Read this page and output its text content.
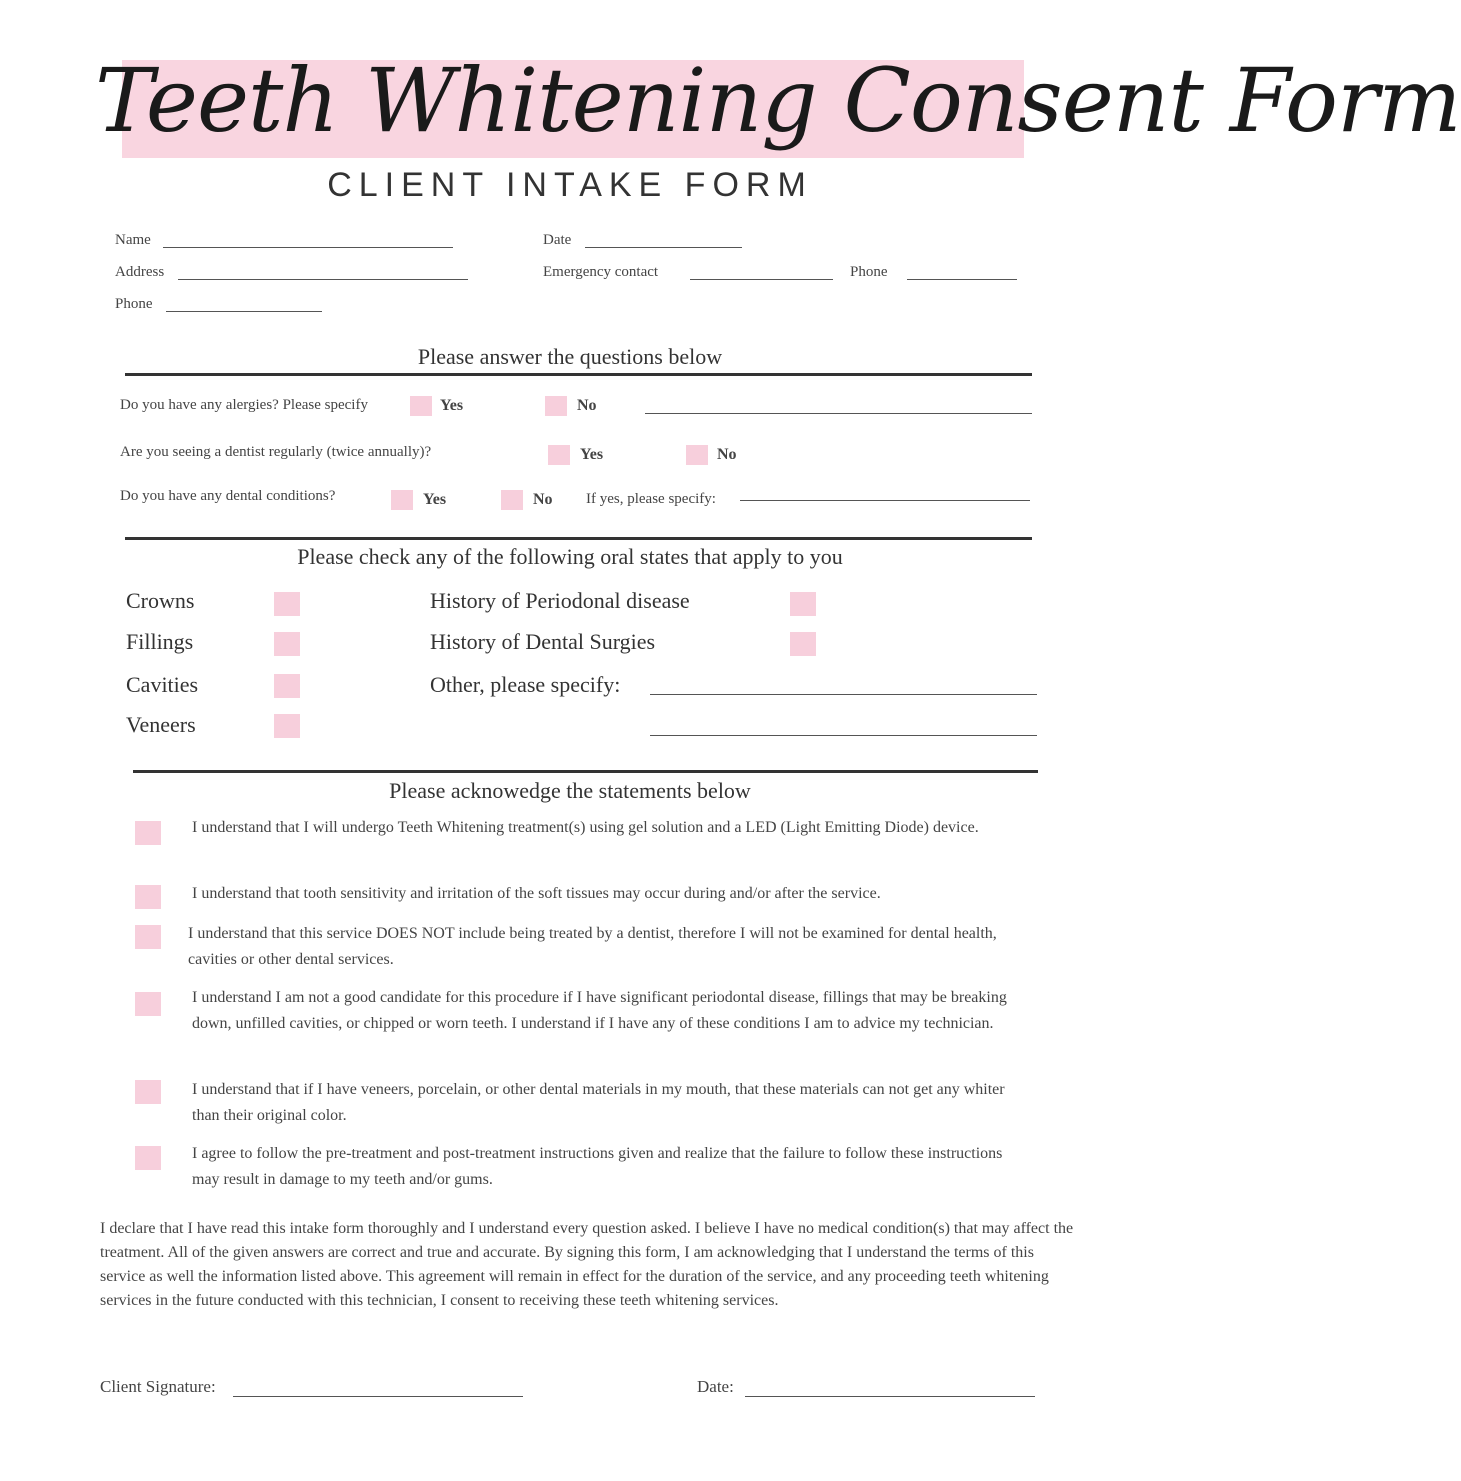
Teeth Whitening Consent Form
CLIENT INTAKE FORM
Name	Date
Address	Emergency contact	Phone
Phone
Please answer the questions below
Do you have any alergies? Please specify	Yes	No
Are you seeing a dentist regularly (twice annually)?	Yes	No
Do you have any dental conditions?	Yes	No If yes, please specify:
Please check any of the following oral states that apply to you
Crowns
Fillings
Cavities
Veneers
History of Periodonal disease
History of Dental Surgies
Other, please specify:
Please acknowedge the statements below
I understand that I will undergo Teeth Whitening treatment(s) using gel solution and a LED (Light Emitting Diode) device.
I understand that tooth sensitivity and irritation of the soft tissues may occur during and/or after the service.
I understand that this service DOES NOT include being treated by a dentist, therefore I will not be examined for dental health, cavities or other dental services.
I understand I am not a good candidate for this procedure if I have significant periodontal disease, fillings that may be breaking down, unfilled cavities, or chipped or worn teeth. I understand if I have any of these conditions I am to advice my technician.
I understand that if I have veneers, porcelain, or other dental materials in my mouth, that these materials can not get any whiter than their original color.
I agree to follow the pre-treatment and post-treatment instructions given and realize that the failure to follow these instructions may result in damage to my teeth and/or gums.
I declare that I have read this intake form thoroughly and I understand every question asked. I believe I have no medical condition(s) that may affect the treatment. All of the given answers are correct and true and accurate. By signing this form, I am acknowledging that I understand the terms of this service as well the information listed above. This agreement will remain in effect for the duration of the service, and any proceeding teeth whitening services in the future conducted with this technician, I consent to receiving these teeth whitening services.
Client Signature:	Date:
